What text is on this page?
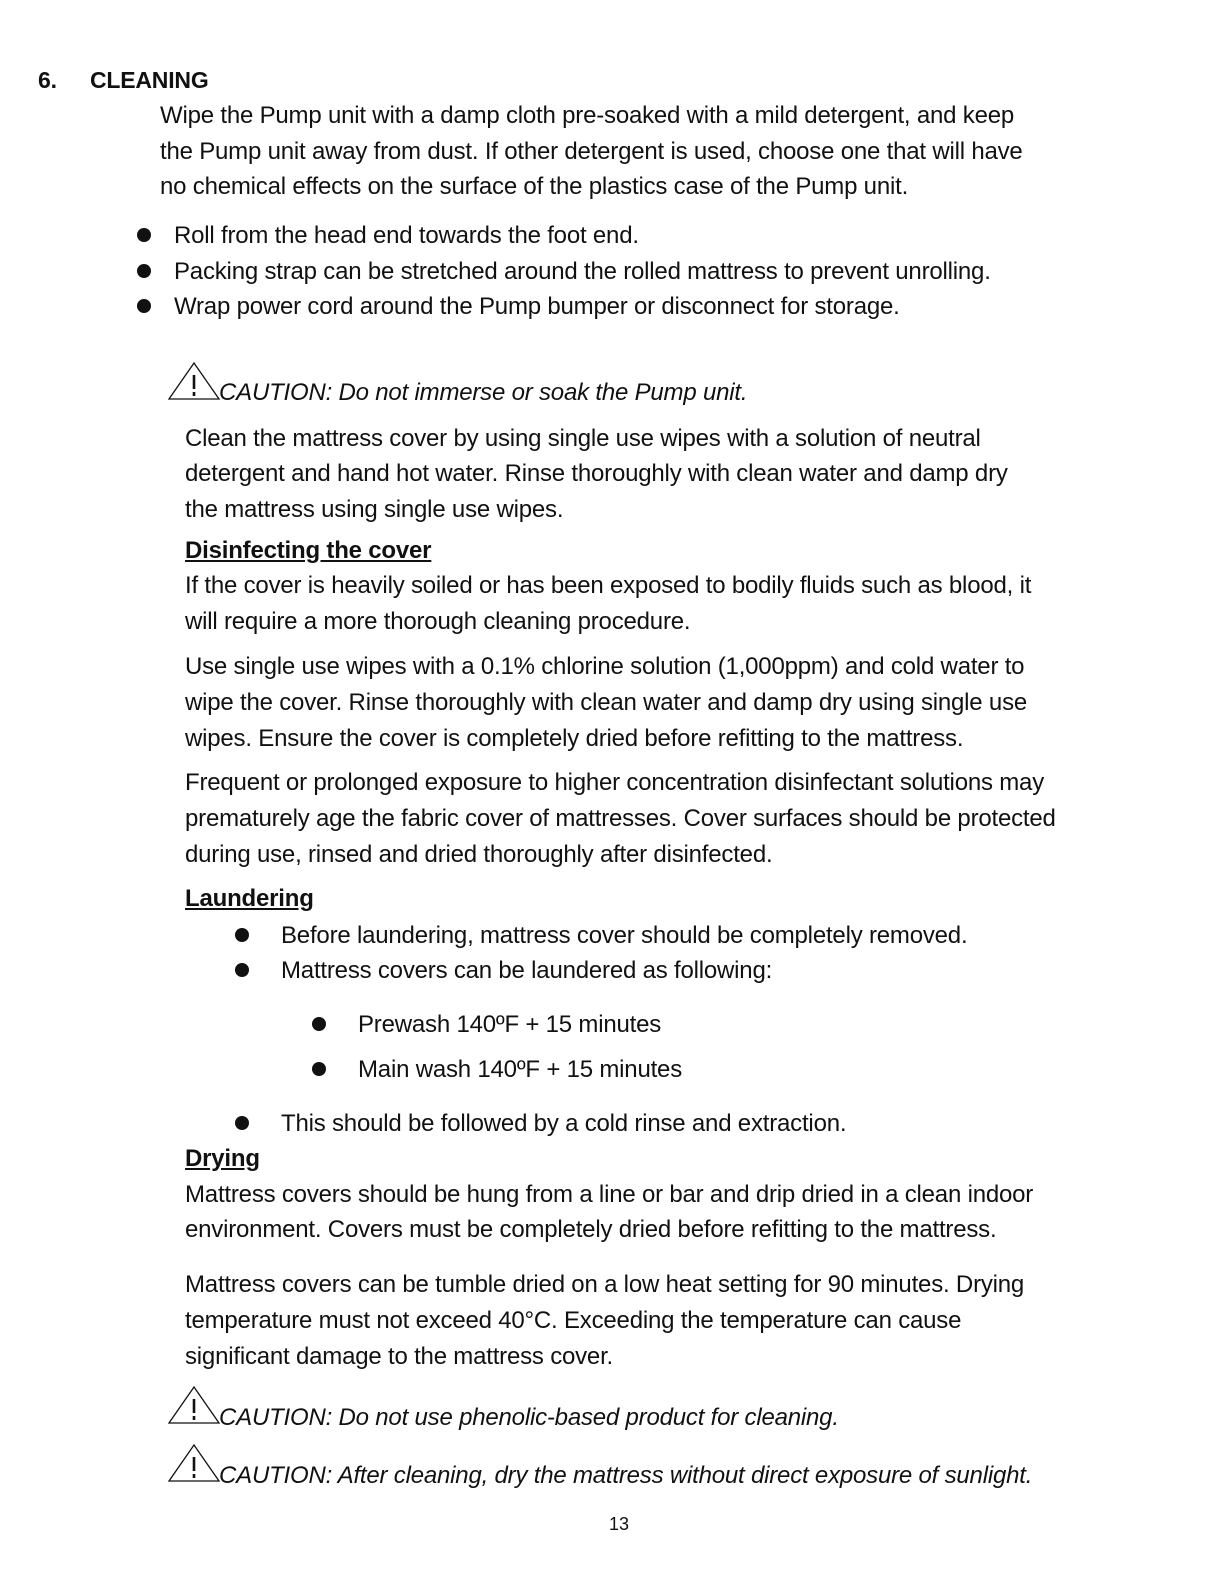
6. CLEANING
Wipe the Pump unit with a damp cloth pre-soaked with a mild detergent, and keep
the Pump unit away from dust. If other detergent is used, choose one that will have
no chemical effects on the surface of the plastics case of the Pump unit.
Roll from the head end towards the foot end.
Packing strap can be stretched around the rolled mattress to prevent unrolling.
Wrap power cord around the Pump bumper or disconnect for storage.
CAUTION: Do not immerse or soak the Pump unit.
Clean the mattress cover by using single use wipes with a solution of neutral
detergent and hand hot water. Rinse thoroughly with clean water and damp dry
the mattress using single use wipes.
Disinfecting the cover
If the cover is heavily soiled or has been exposed to bodily fluids such as blood, it
will require a more thorough cleaning procedure.
Use single use wipes with a 0.1% chlorine solution (1,000ppm) and cold water to
wipe the cover. Rinse thoroughly with clean water and damp dry using single use
wipes. Ensure the cover is completely dried before refitting to the mattress.
Frequent or prolonged exposure to higher concentration disinfectant solutions may
prematurely age the fabric cover of mattresses. Cover surfaces should be protected
during use, rinsed and dried thoroughly after disinfected.
Laundering
Before laundering, mattress cover should be completely removed.
Mattress covers can be laundered as following:
Prewash 140ºF + 15 minutes
Main wash 140ºF + 15 minutes
This should be followed by a cold rinse and extraction.
Drying
Mattress covers should be hung from a line or bar and drip dried in a clean indoor
environment. Covers must be completely dried before refitting to the mattress.
Mattress covers can be tumble dried on a low heat setting for 90 minutes. Drying
temperature must not exceed 40°C. Exceeding the temperature can cause
significant damage to the mattress cover.
CAUTION: Do not use phenolic-based product for cleaning.
CAUTION: After cleaning, dry the mattress without direct exposure of sunlight.
13
